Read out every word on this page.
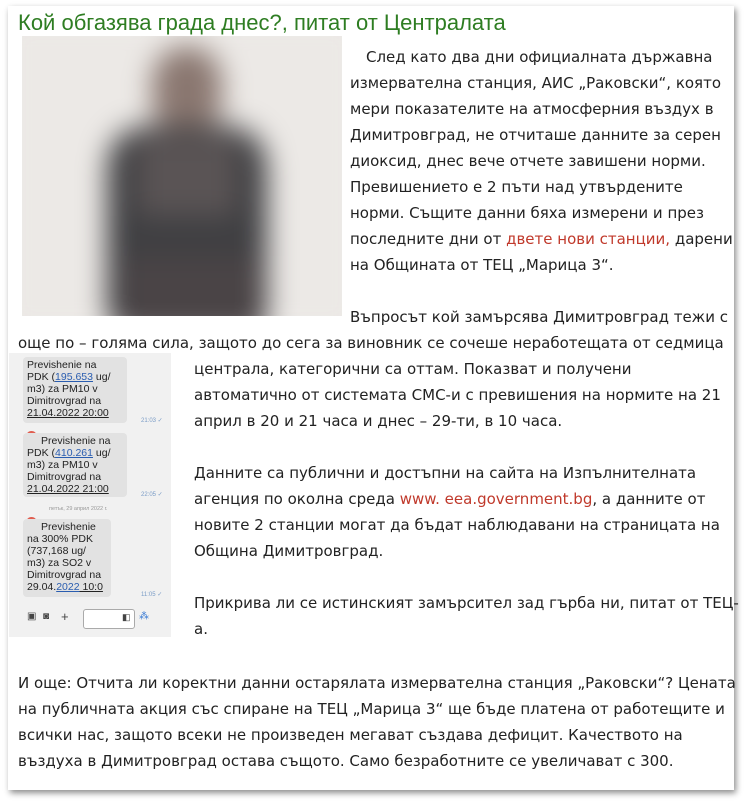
Кой обгазява града днес?, питат от Централата
След като два дни официалната държавна
измервателна станция, АИС „Раковски“, която
мери показателите на атмосферния въздух в
Димитровград, не отчиташе данните за серен
диоксид, днес вече отчете завишени норми.
Превишението е 2 пъти над утвърдените
норми. Същите данни бяха измерени и през
последните дни от двете нови станции, дарени
на Общината от ТЕЦ „Марица 3“.
Въпросът кой замърсява Димитровград тежи с
още по – голяма сила, защото до сега за виновник се сочеше неработещата от седмица
централа, категорични са оттам. Показват и получени
автоматично от системата СМС-и с превишения на нормите на 21
април в 20 и 21 часа и днес – 29-ти, в 10 часа.
Данните са публични и достъпни на сайта на Изпълнителната
агенция по околна среда www. eea.government.bg, а данните от
новите 2 станции могат да бъдат наблюдавани на страницата на
Община Димитровград.
Прикрива ли се истинският замърсител зад гърба ни, питат от ТЕЦ-
а.
И още: Отчита ли коректни данни остарялата измервателна станция „Раковски“? Цената
на публичната акция със спиране на ТЕЦ „Марица 3“ ще бъде платена от работещите и
всички нас, защото всеки не произведен мегават създава дефицит. Качеството на
въздуха в Димитровград остава същото. Само безработните се увеличават с 300.
Previshenie na
PDK (195.653 ug/
m3) za PM10 v
Dimitrovgrad na
21.04.2022 20:00
21:03 ✓
Previshenie na
PDK (410.261 ug/
m3) za PM10 v
Dimitrovgrad na
21.04.2022 21:00	22:05 ✓
петък, 29 април 2022 г.
Previshenie
na 300% PDK
(737,168 ug/
m3) za SO2 v
Dimitrovgrad na
29.04.2022 10:0
11:05 ✓
▣ ◙ +	◧ ⁂
